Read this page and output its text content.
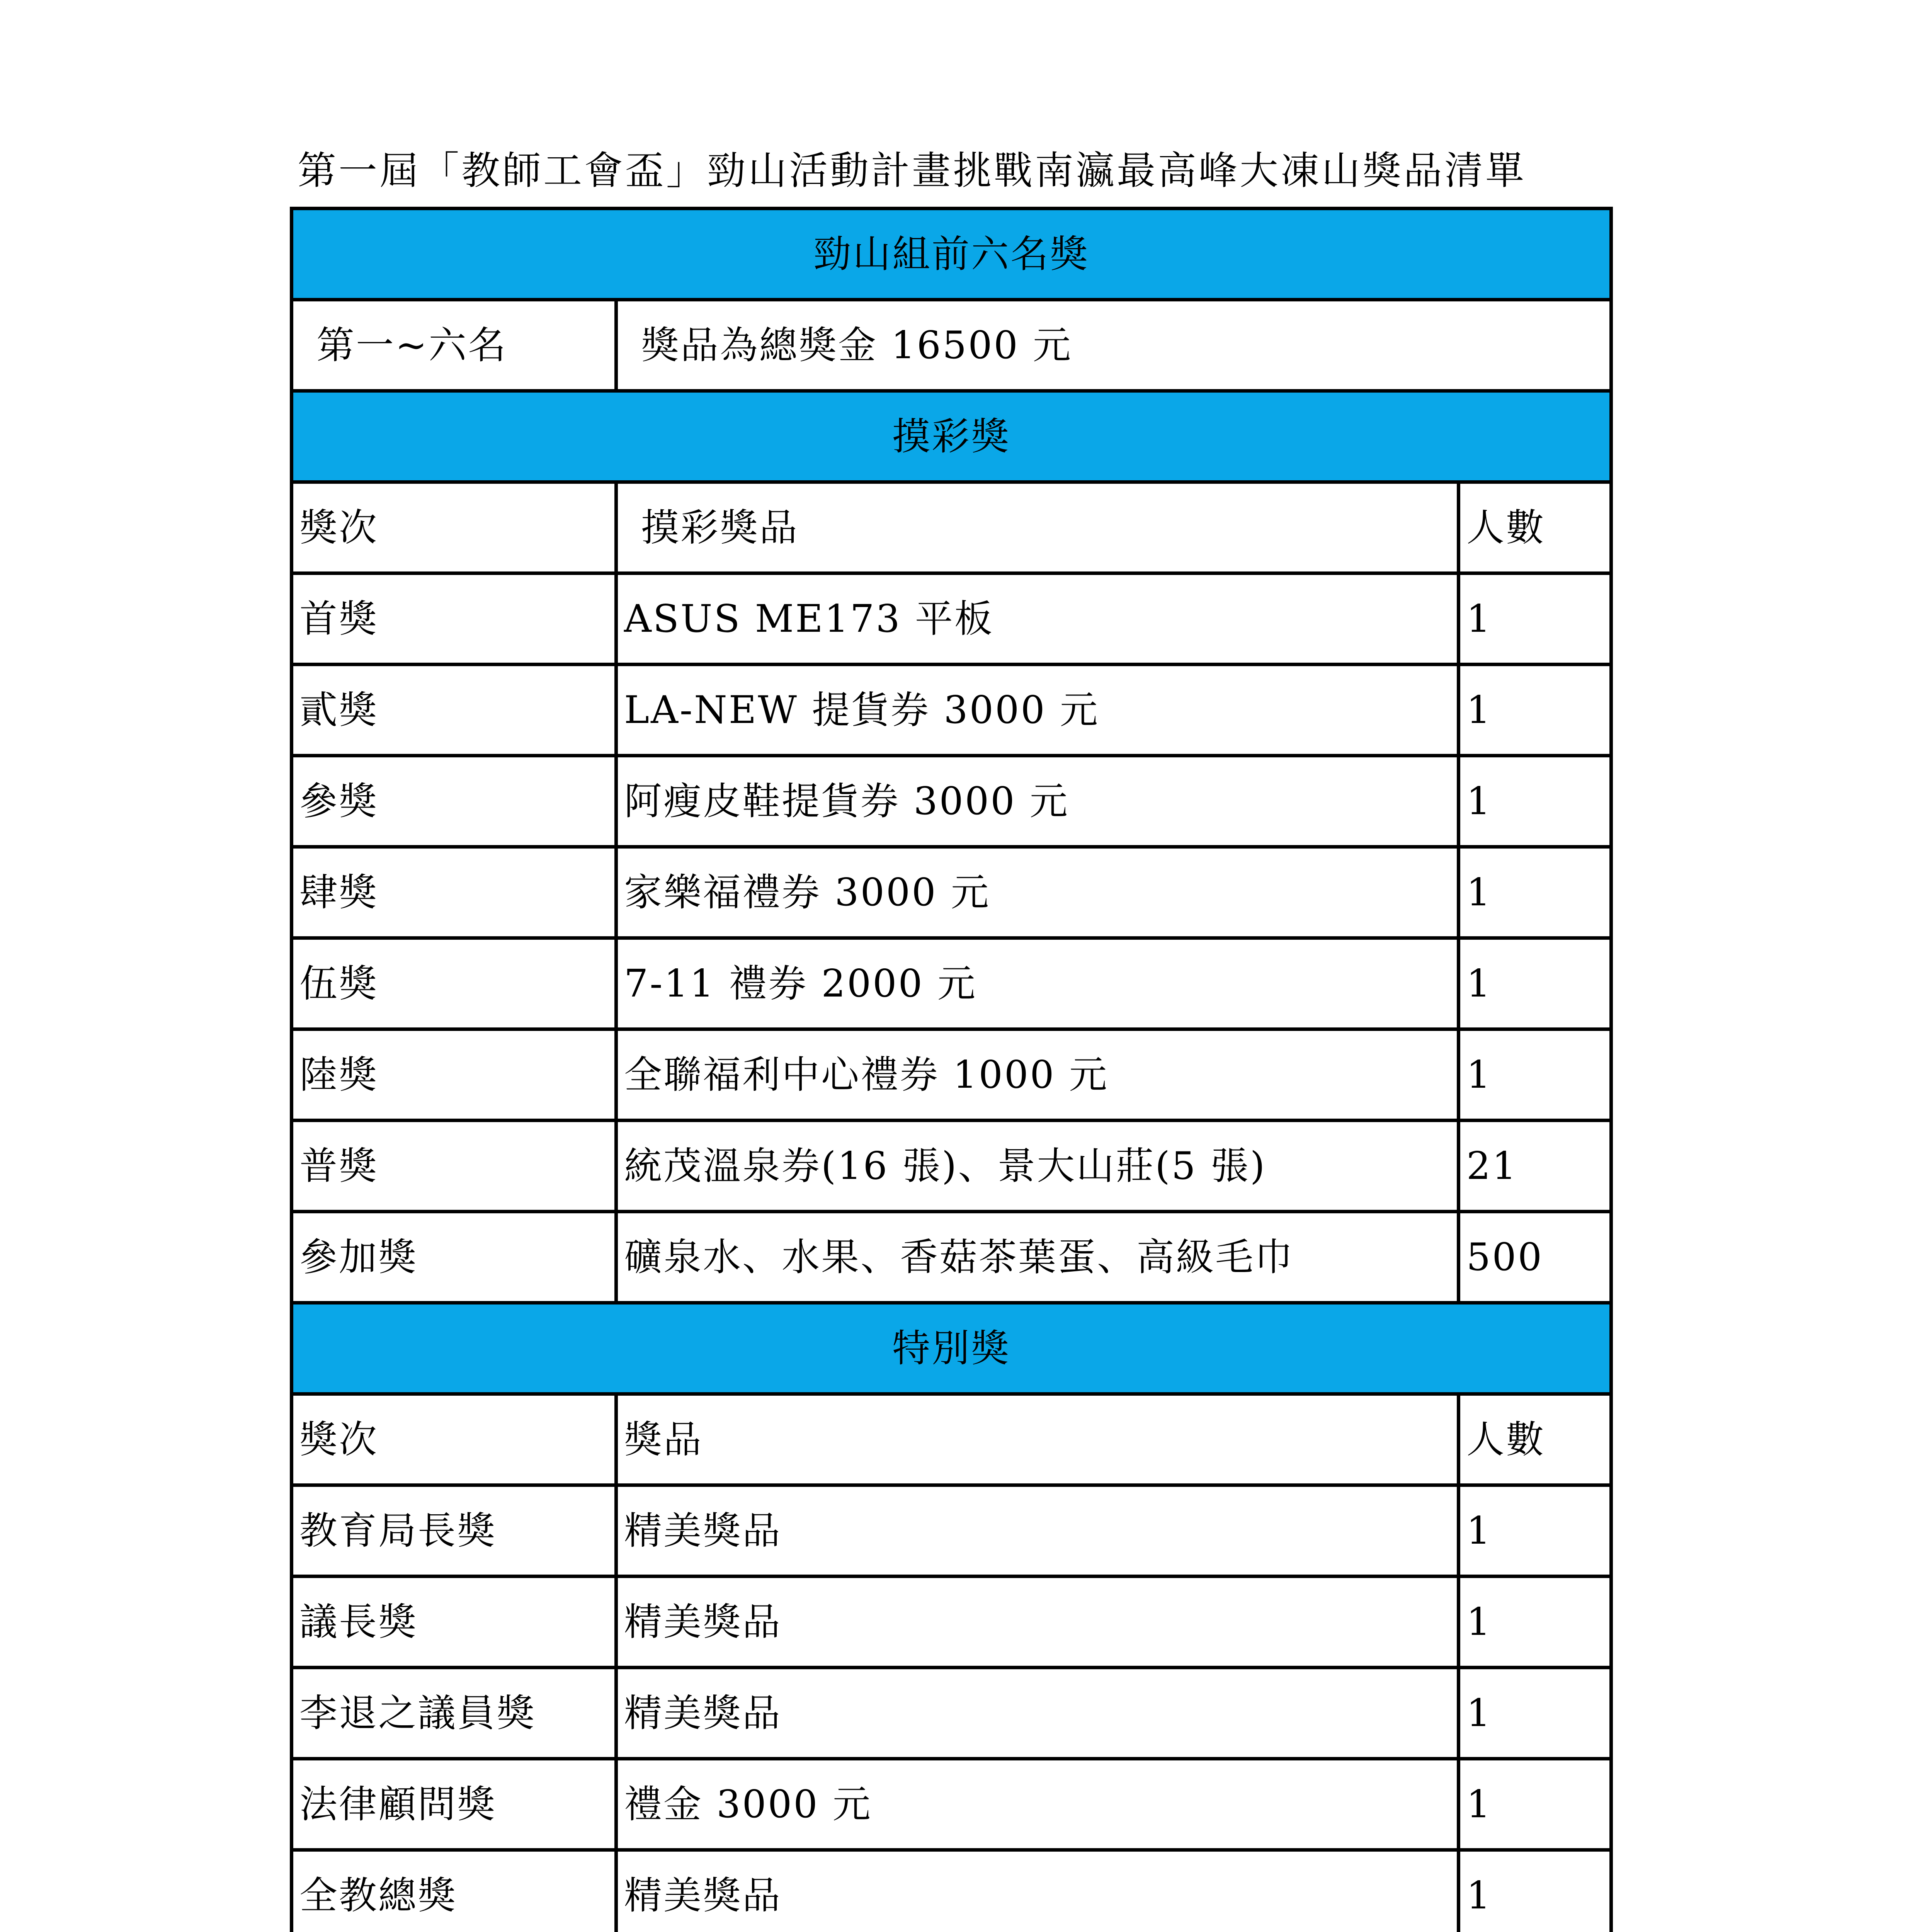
第一屆「教師工會盃」勁山活動計畫挑戰南瀛最高峰大凍山獎品清單
勁山組前六名獎		
第一~六名	獎品為總獎金 16500 元	
摸彩獎		
獎次	摸彩獎品	人數
首獎	ASUS ME173 平板	1
貳獎	LA-NEW 提貨券 3000 元	1
參獎	阿瘦皮鞋提貨券 3000 元	1
肆獎	家樂福禮券 3000 元	1
伍獎	7-11 禮券 2000 元	1
陸獎	全聯福利中心禮券 1000 元	1
普獎	統茂溫泉券(16 張)、景大山莊(5 張)	21
參加獎	礦泉水、水果、香菇茶葉蛋、高級毛巾	500
特別獎		
獎次	獎品	人數
教育局長獎	精美獎品	1
議長獎	精美獎品	1
李退之議員獎	精美獎品	1
法律顧問獎	禮金 3000 元	1
全教總獎	精美獎品	1
